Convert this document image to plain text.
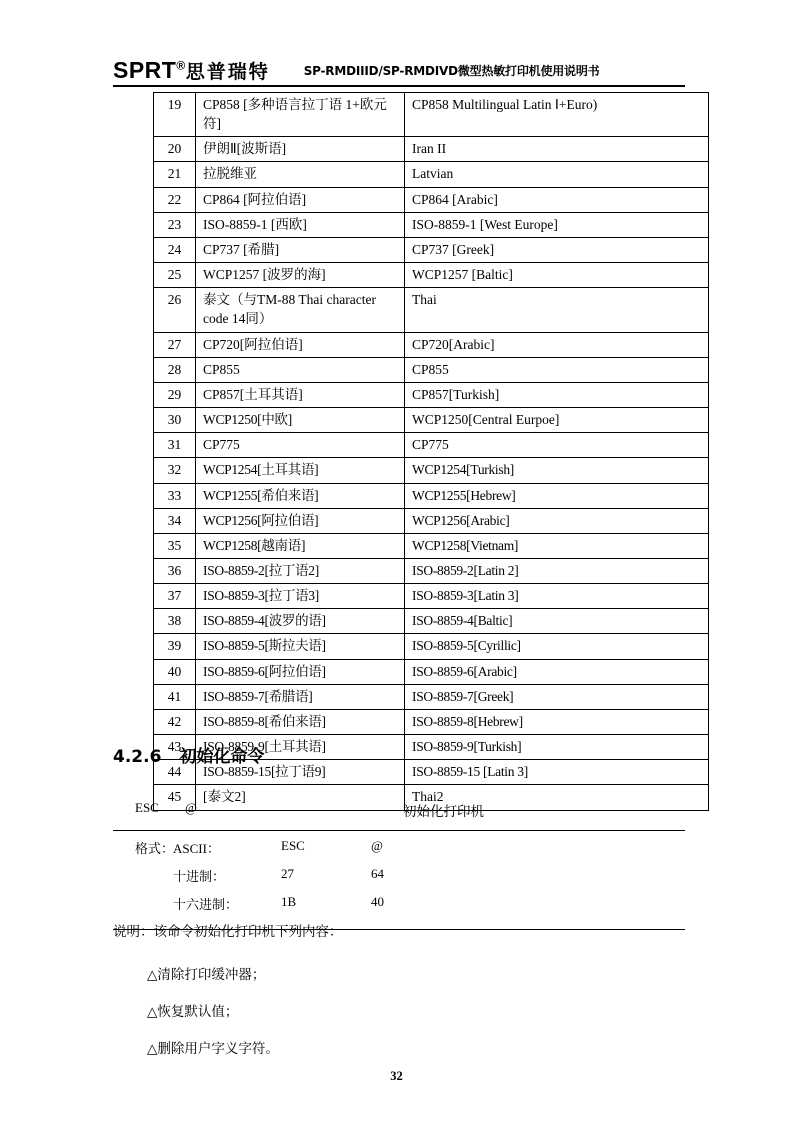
SPRT®思普瑞特	SP-RMDⅠⅠⅠD/SP-RMDⅠVD微型热敏打印机使用说明书
19	CP858 [多种语言拉丁语 1+欧元符]	CP858 Multilingual Latin Ⅰ+Euro)
20	伊朗Ⅱ[波斯语]	Iran II
21	拉脱维亚	Latvian
22	CP864 [阿拉伯语]	CP864 [Arabic]
23	ISO-8859-1 [西欧]	ISO-8859-1 [West Europe]
24	CP737 [希腊]	CP737 [Greek]
25	WCP1257 [波罗的海]	WCP1257 [Baltic]
26	泰文（与TM-88 Thai character code 14同）	Thai
27	CP720[阿拉伯语]	CP720[Arabic]
28	CP855	CP855
29	CP857[土耳其语]	CP857[Turkish]
30	WCP1250[中欧]	WCP1250[Central Eurpoe]
31	CP775	CP775
32	WCP1254[土耳其语]	WCP1254[Turkish]
33	WCP1255[希伯来语]	WCP1255[Hebrew]
34	WCP1256[阿拉伯语]	WCP1256[Arabic]
35	WCP1258[越南语]	WCP1258[Vietnam]
36	ISO-8859-2[拉丁语2]	ISO-8859-2[Latin 2]
37	ISO-8859-3[拉丁语3]	ISO-8859-3[Latin 3]
38	ISO-8859-4[波罗的语]	ISO-8859-4[Baltic]
39	ISO-8859-5[斯拉夫语]	ISO-8859-5[Cyrillic]
40	ISO-8859-6[阿拉伯语]	ISO-8859-6[Arabic]
41	ISO-8859-7[希腊语]	ISO-8859-7[Greek]
42	ISO-8859-8[希伯来语]	ISO-8859-8[Hebrew]
43	ISO-8859-9[土耳其语]	ISO-8859-9[Turkish]
44	ISO-8859-15[拉丁语9]	ISO-8859-15 [Latin 3]
45	[泰文2]	Thai2
4.2.6 初始化命令
ESC @	初始化打印机
格式：
ASCII：	ESC	@
十进制：	27	64
十六进制：	1B	40
说明：该命令初始化打印机下列内容：
△清除打印缓冲器；
△恢复默认值；
△删除用户字义字符。
32
